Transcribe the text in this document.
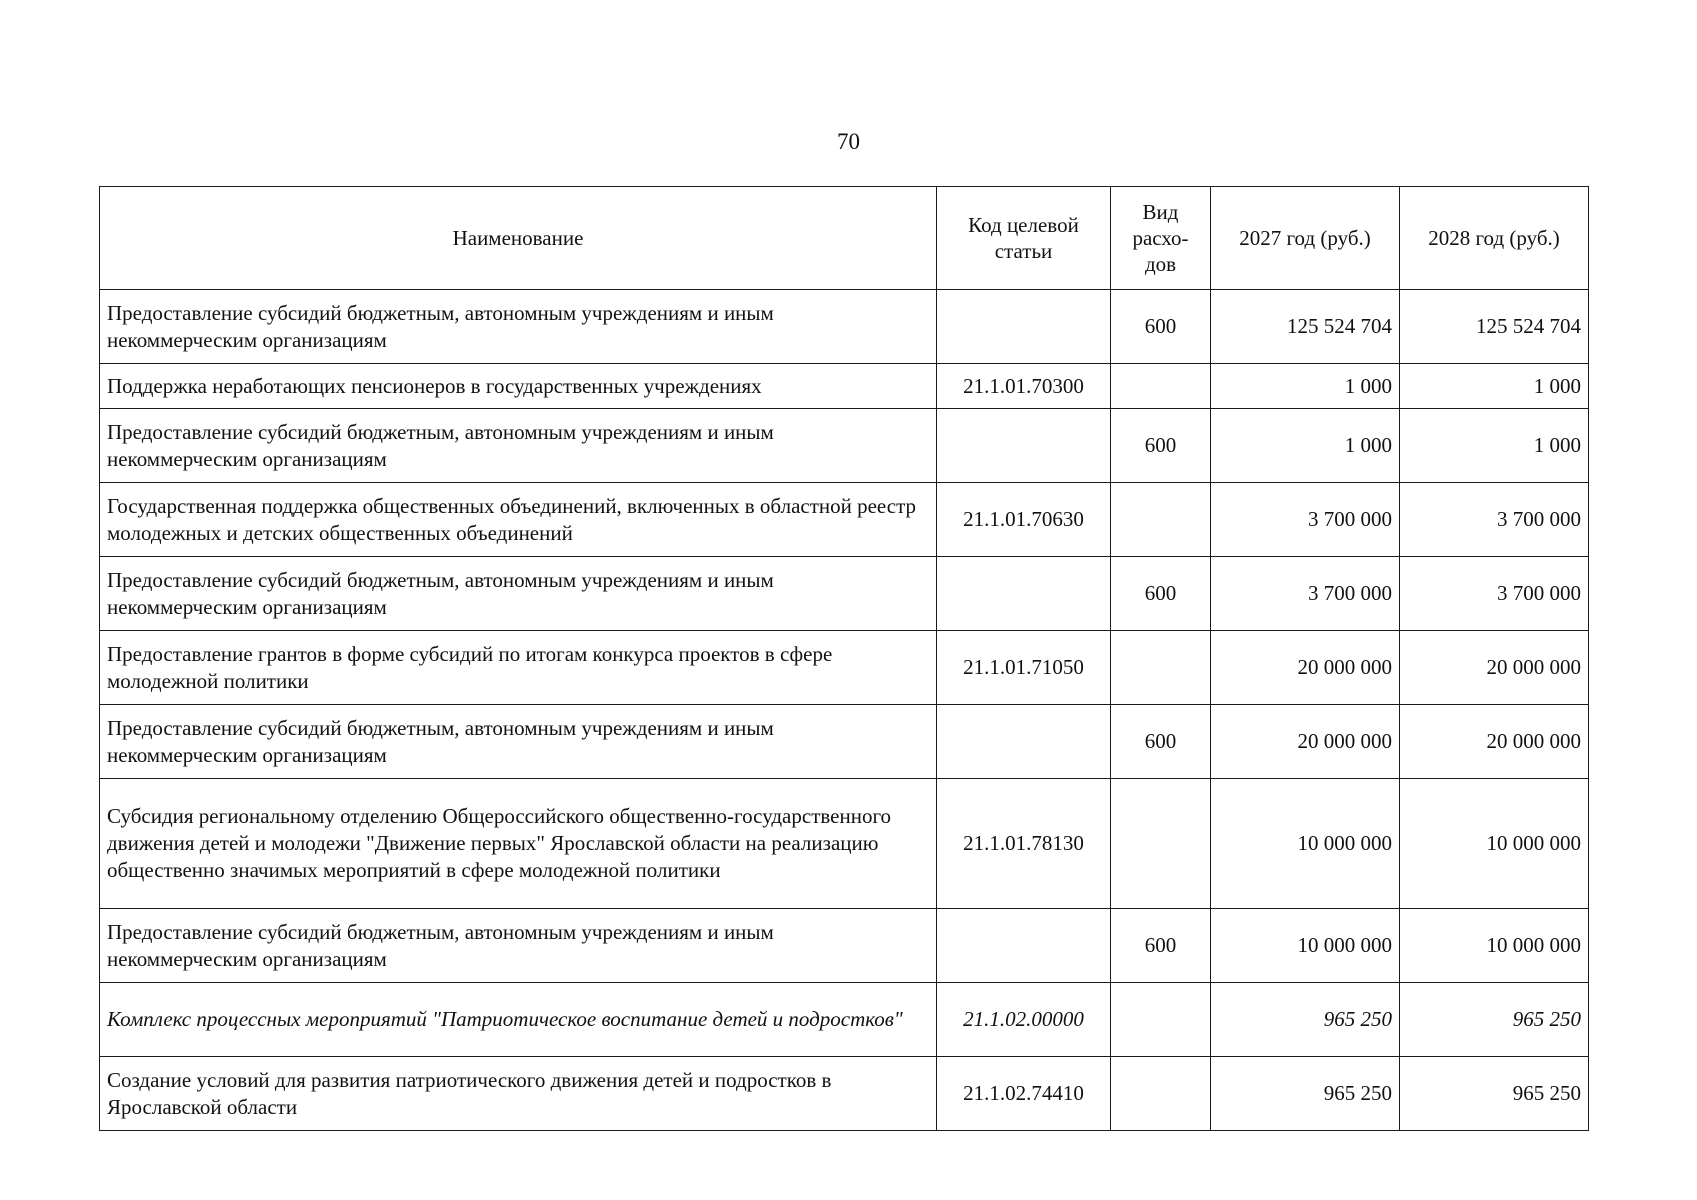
70
Наименование	Код целевой статьи	Вид расхо-дов	2027 год (руб.)	2028 год (руб.)
Предоставление субсидий бюджетным, автономным учреждениям и иным некоммерческим организациям		600	125 524 704	125 524 704
Поддержка неработающих пенсионеров в государственных учреждениях	21.1.01.70300		1 000	1 000
Предоставление субсидий бюджетным, автономным учреждениям и иным некоммерческим организациям		600	1 000	1 000
Государственная поддержка общественных объединений, включенных в областной реестр молодежных и детских общественных объединений	21.1.01.70630		3 700 000	3 700 000
Предоставление субсидий бюджетным, автономным учреждениям и иным некоммерческим организациям		600	3 700 000	3 700 000
Предоставление грантов в форме субсидий по итогам конкурса проектов в сфере молодежной политики	21.1.01.71050		20 000 000	20 000 000
Предоставление субсидий бюджетным, автономным учреждениям и иным некоммерческим организациям		600	20 000 000	20 000 000
Субсидия региональному отделению Общероссийского общественно-государственного движения детей и молодежи "Движение первых" Ярославской области на реализацию общественно значимых мероприятий в сфере молодежной политики	21.1.01.78130		10 000 000	10 000 000
Предоставление субсидий бюджетным, автономным учреждениям и иным некоммерческим организациям		600	10 000 000	10 000 000
Комплекс процессных мероприятий "Патриотическое воспитание детей и подростков"	21.1.02.00000		965 250	965 250
Создание условий для развития патриотического движения детей и подростков в Ярославской области	21.1.02.74410		965 250	965 250
